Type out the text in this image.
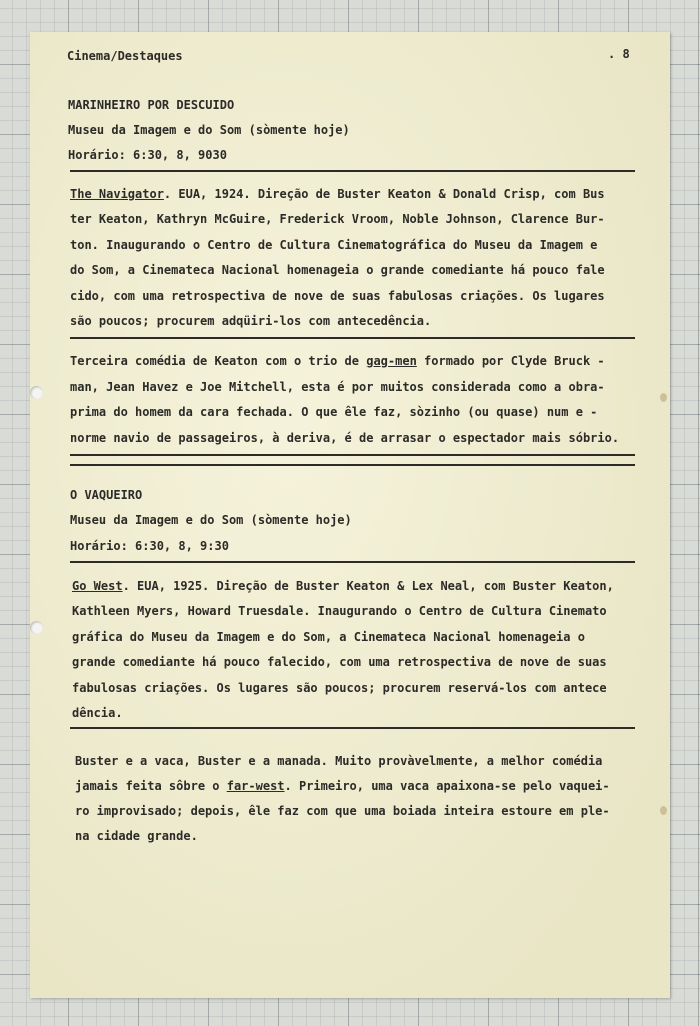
Cinema/Destaques	. 8
MARINHEIRO POR DESCUIDO
Museu da Imagem e do Som (sòmente hoje)
Horário: 6:30, 8, 9030
The Navigator. EUA, 1924. Direção de Buster Keaton & Donald Crisp, com Bus
ter Keaton, Kathryn McGuire, Frederick Vroom, Noble Johnson, Clarence Bur-
ton. Inaugurando o Centro de Cultura Cinematográfica do Museu da Imagem e
do Som, a Cinemateca Nacional homenageia o grande comediante há pouco fale
cido, com uma retrospectiva de nove de suas fabulosas criações. Os lugares
são poucos; procurem adqüiri-los com antecedência.
Terceira comédia de Keaton com o trio de gag-men formado por Clyde Bruck -
man, Jean Havez e Joe Mitchell, esta é por muitos considerada como a obra-
prima do homem da cara fechada. O que êle faz, sòzinho (ou quase) num e -
norme navio de passageiros, à deriva, é de arrasar o espectador mais sóbrio.
O VAQUEIRO
Museu da Imagem e do Som (sòmente hoje)
Horário: 6:30, 8, 9:30
Go West. EUA, 1925. Direção de Buster Keaton & Lex Neal, com Buster Keaton,
Kathleen Myers, Howard Truesdale. Inaugurando o Centro de Cultura Cinemato
gráfica do Museu da Imagem e do Som, a Cinemateca Nacional homenageia o
grande comediante há pouco falecido, com uma retrospectiva de nove de suas
fabulosas criações. Os lugares são poucos; procurem reservá-los com antece
dência.
Buster e a vaca, Buster e a manada. Muito provàvelmente, a melhor comédia
jamais feita sôbre o far-west. Primeiro, uma vaca apaixona-se pelo vaquei-
ro improvisado; depois, êle faz com que uma boiada inteira estoure em ple-
na cidade grande.
